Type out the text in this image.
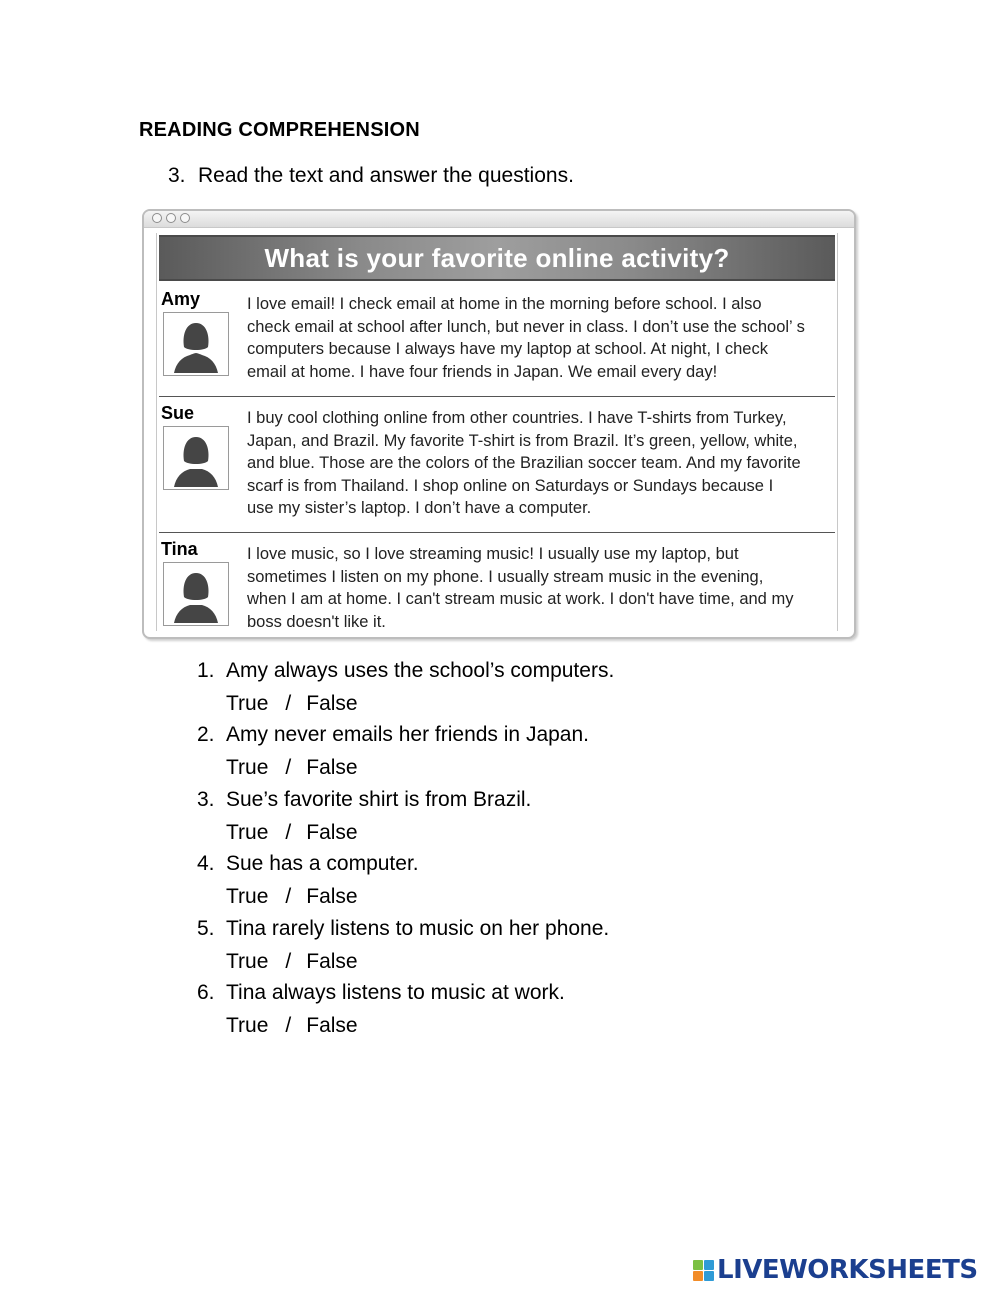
READING COMPREHENSION
3. Read the text and answer the questions.
What is your favorite online activity?
Amy	I love email! I check email at home in the morning before school. I also
check email at school after lunch, but never in class. I don’t use the school’ s
computers because I always have my laptop at school. At night, I check
email at home. I have four friends in Japan. We email every day!
Sue	I buy cool clothing online from other countries. I have T-shirts from Turkey,
Japan, and Brazil. My favorite T-shirt is from Brazil. It’s green, yellow, white,
and blue. Those are the colors of the Brazilian soccer team. And my favorite
scarf is from Thailand. I shop online on Saturdays or Sundays because I
use my sister’s laptop. I don’t have a computer.
Tina	I love music, so I love streaming music! I usually use my laptop, but
sometimes I listen on my phone. I usually stream music in the evening,
when I am at home. I can't stream music at work. I don't have time, and my
boss doesn't like it.
1. Amy always uses the school’s computers.
True / False
2. Amy never emails her friends in Japan.
True / False
3. Sue’s favorite shirt is from Brazil.
True / False
4. Sue has a computer.
True / False
5. Tina rarely listens to music on her phone.
True / False
6. Tina always listens to music at work.
True / False
LIVEWORKSHEETS
